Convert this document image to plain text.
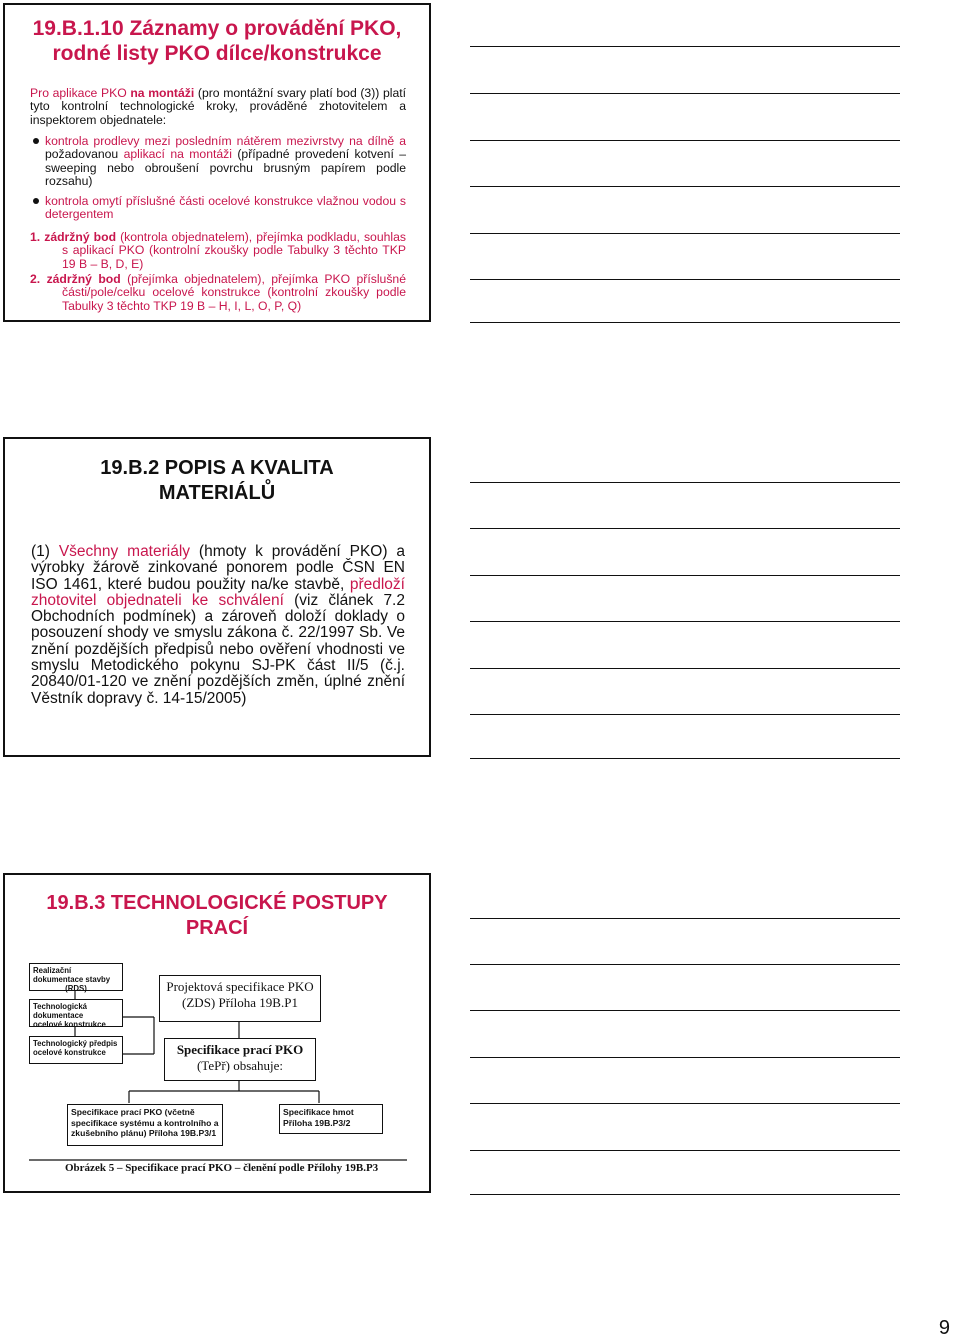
19.B.1.10 Záznamy o provádění PKO,
rodné listy PKO dílce/konstrukce
Pro aplikace PKO na montáži (pro montážní svary platí bod (3)) platí tyto kontrolní technologické kroky, prováděné zhotovitelem a inspektorem objednatele:
kontrola prodlevy mezi posledním nátěrem mezivrstvy na dílně a požadovanou aplikací na montáži (případné provedení kotvení – sweeping nebo obroušení povrchu brusným papírem podle rozsahu)
kontrola omytí příslušné části ocelové konstrukce vlažnou vodou s detergentem
1. zádržný bod (kontrola objednatelem), přejímka podkladu, souhlas s aplikací PKO (kontrolní zkoušky podle Tabulky 3 těchto TKP 19 B – B, D, E)
2. zádržný bod (přejímka objednatelem), přejímka PKO příslušné části/pole/celku ocelové konstrukce (kontrolní zkoušky podle Tabulky 3 těchto TKP 19 B – H, I, L, O, P, Q)
19.B.2 POPIS A KVALITA
MATERIÁLŮ
(1) Všechny materiály (hmoty k provádění PKO) a výrobky žárově zinkované ponorem podle ČSN EN ISO 1461, které budou použity na/ke stavbě, předloží zhotovitel objednateli ke schválení (viz článek 7.2 Obchodních podmínek) a zároveň doloží doklady o posouzení shody ve smyslu zákona č. 22/1997 Sb. Ve znění pozdějších předpisů nebo ověření vhodnosti ve smyslu Metodického pokynu SJ-PK část II/5 (č.j. 20840/01-120 ve znění pozdějších změn, úplné znění Věstník dopravy č. 14-15/2005)
19.B.3 TECHNOLOGICKÉ POSTUPY
PRACÍ
Realizační dokumentace stavby
(RDS)
Technologická dokumentace
ocelové konstrukce
Technologický předpis
ocelové konstrukce
Projektová specifikace PKO
(ZDS) Příloha 19B.P1
Specifikace prací PKO
(TePř) obsahuje:
Specifikace prací PKO (včetně
specifikace systému a kontrolního a
zkušebního plánu) Příloha 19B.P3/1
Specifikace hmot
Příloha 19B.P3/2
Obrázek 5 – Specifikace prací PKO – členění podle Přílohy 19B.P3
9
